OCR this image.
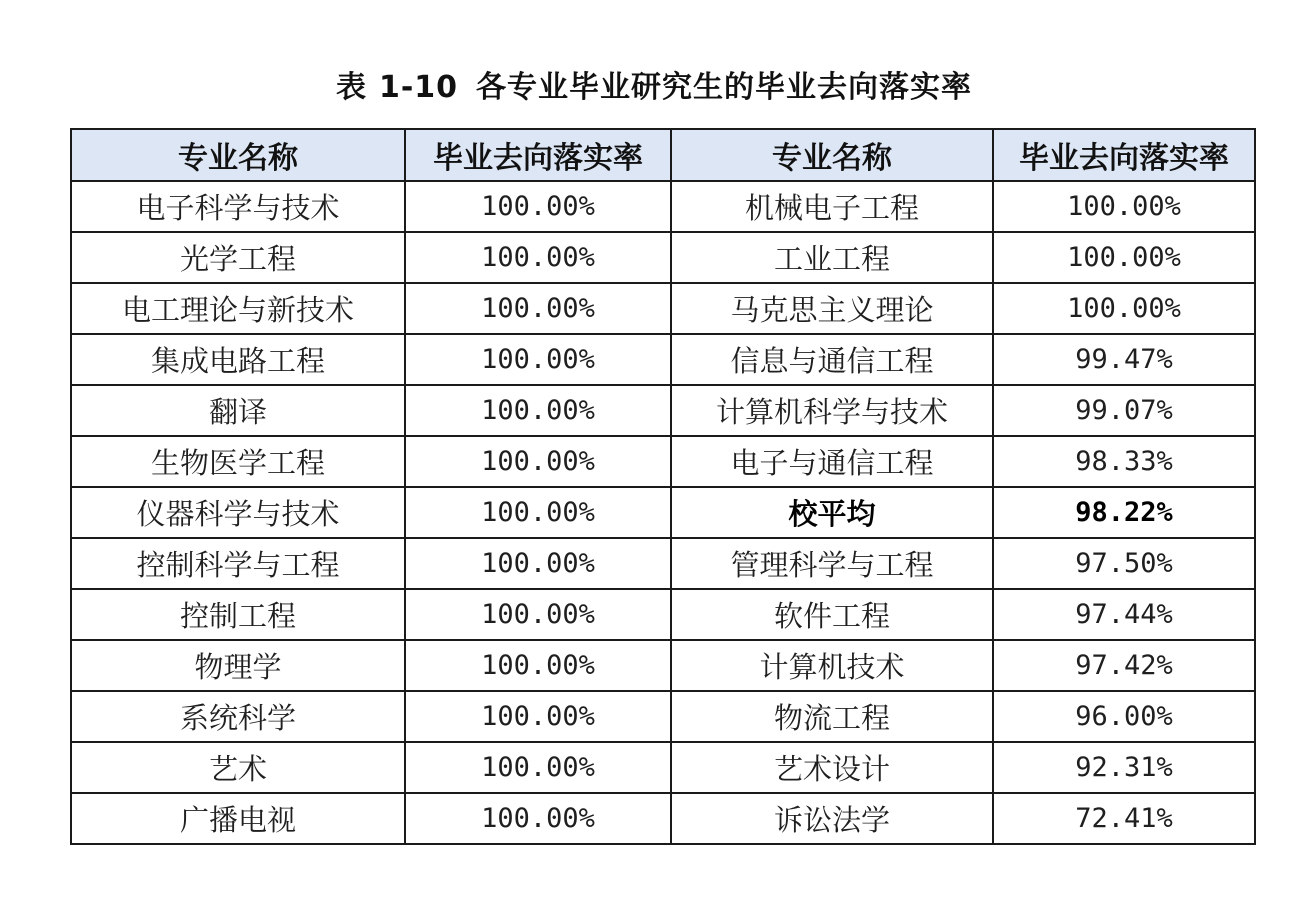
表 1-10 各专业毕业研究生的毕业去向落实率
专业名称	毕业去向落实率	专业名称	毕业去向落实率
电子科学与技术	100.00%	机械电子工程	100.00%
光学工程	100.00%	工业工程	100.00%
电工理论与新技术	100.00%	马克思主义理论	100.00%
集成电路工程	100.00%	信息与通信工程	99.47%
翻译	100.00%	计算机科学与技术	99.07%
生物医学工程	100.00%	电子与通信工程	98.33%
仪器科学与技术	100.00%	校平均	98.22%
控制科学与工程	100.00%	管理科学与工程	97.50%
控制工程	100.00%	软件工程	97.44%
物理学	100.00%	计算机技术	97.42%
系统科学	100.00%	物流工程	96.00%
艺术	100.00%	艺术设计	92.31%
广播电视	100.00%	诉讼法学	72.41%
